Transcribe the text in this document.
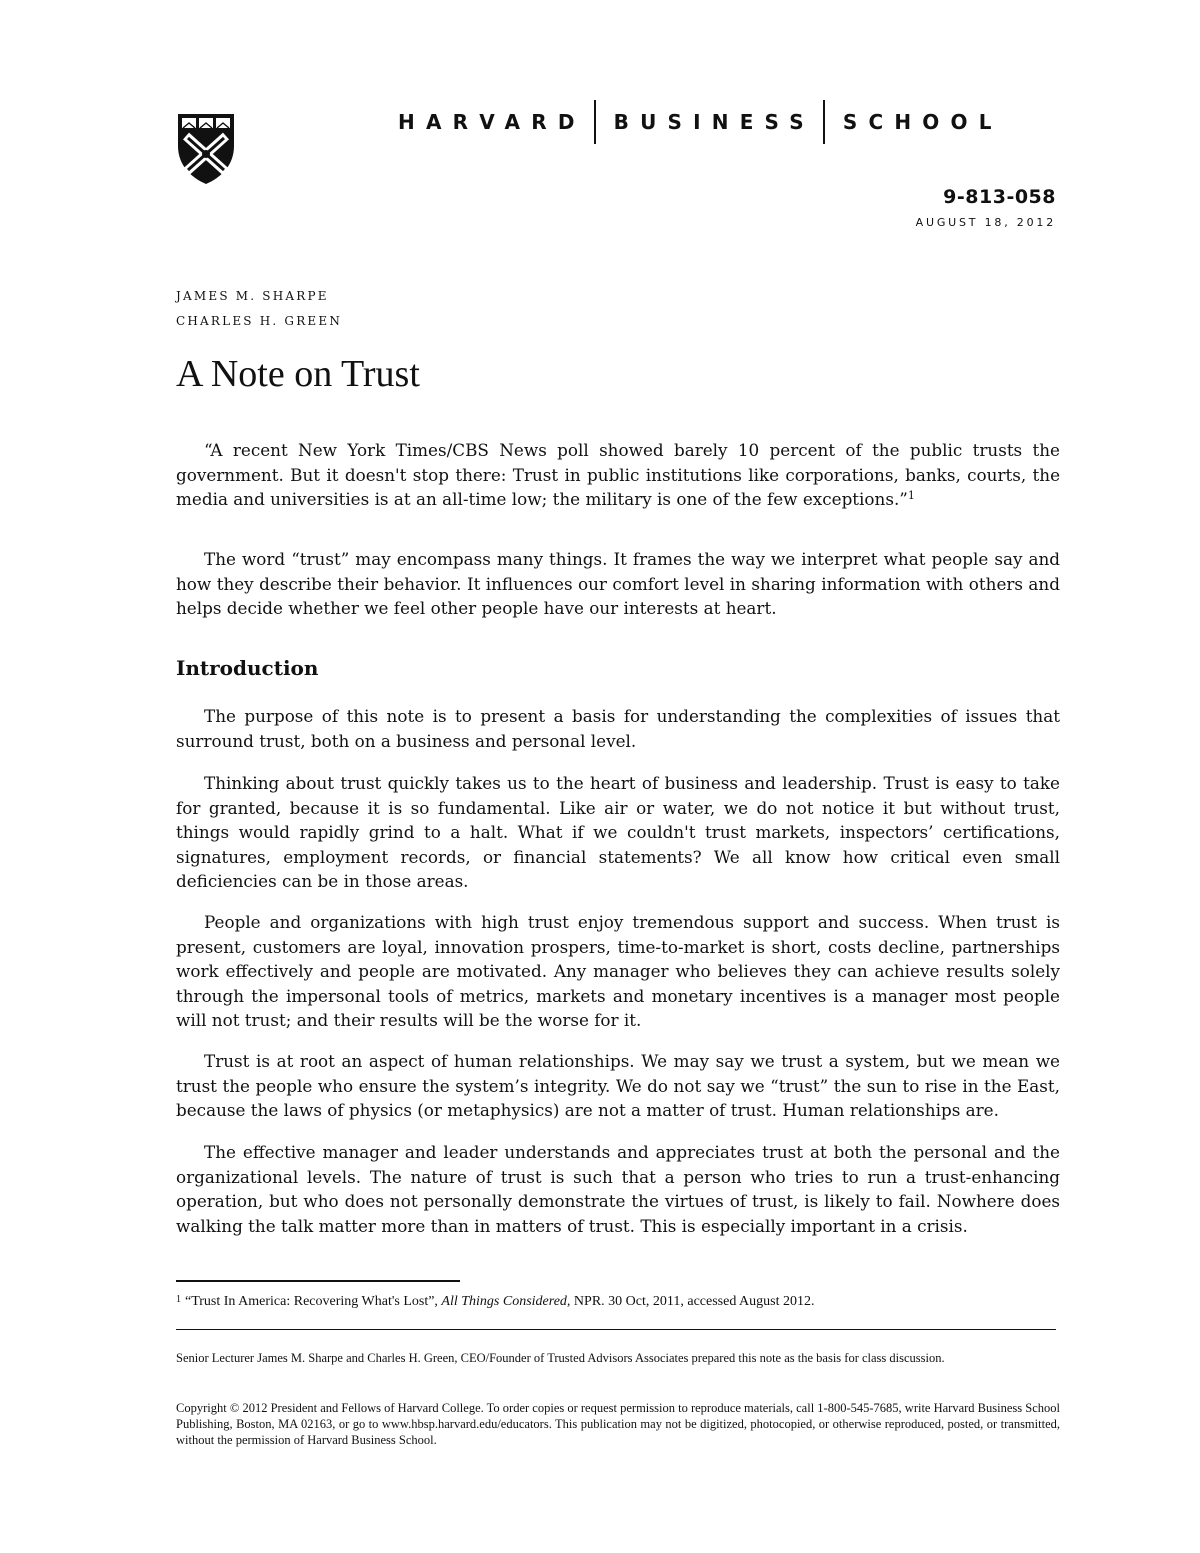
HARVARD BUSINESS SCHOOL
9-813-058
AUGUST 18, 2012
JAMES M. SHARPE
CHARLES H. GREEN
A Note on Trust

“A recent New York Times/CBS News poll showed barely 10 percent of the public trusts the government. But it doesn't stop there: Trust in public institutions like corporations, banks, courts, the media and universities is at an all-time low; the military is one of the few exceptions.”$^1$

The word “trust” may encompass many things. It frames the way we interpret what people say and how they describe their behavior. It influences our comfort level in sharing information with others and helps decide whether we feel other people have our interests at heart.

Introduction

The purpose of this note is to present a basis for understanding the complexities of issues that surround trust, both on a business and personal level.

Thinking about trust quickly takes us to the heart of business and leadership. Trust is easy to take for granted, because it is so fundamental. Like air or water, we do not notice it but without trust, things would rapidly grind to a halt. What if we couldn't trust markets, inspectors’ certifications, signatures, employment records, or financial statements? We all know how critical even small deficiencies can be in those areas.

People and organizations with high trust enjoy tremendous support and success. When trust is present, customers are loyal, innovation prospers, time-to-market is short, costs decline, partnerships work effectively and people are motivated. Any manager who believes they can achieve results solely through the impersonal tools of metrics, markets and monetary incentives is a manager most people will not trust; and their results will be the worse for it.

Trust is at root an aspect of human relationships. We may say we trust a system, but we mean we trust the people who ensure the system’s integrity. We do not say we “trust” the sun to rise in the East, because the laws of physics (or metaphysics) are not a matter of trust. Human relationships are.

The effective manager and leader understands and appreciates trust at both the personal and the organizational levels. The nature of trust is such that a person who tries to run a trust-enhancing operation, but who does not personally demonstrate the virtues of trust, is likely to fail. Nowhere does walking the talk matter more than in matters of trust. This is especially important in a crisis.

$^1$ “Trust In America: Recovering What's Lost”, All Things Considered, NPR. 30 Oct, 2011, accessed August 2012.
Senior Lecturer James M. Sharpe and Charles H. Green, CEO/Founder of Trusted Advisors Associates prepared this note as the basis for class discussion.
Copyright © 2012 President and Fellows of Harvard College. To order copies or request permission to reproduce materials, call 1-800-545-7685, write Harvard Business School Publishing, Boston, MA 02163, or go to www.hbsp.harvard.edu/educators. This publication may not be digitized, photocopied, or otherwise reproduced, posted, or transmitted, without the permission of Harvard Business School.
